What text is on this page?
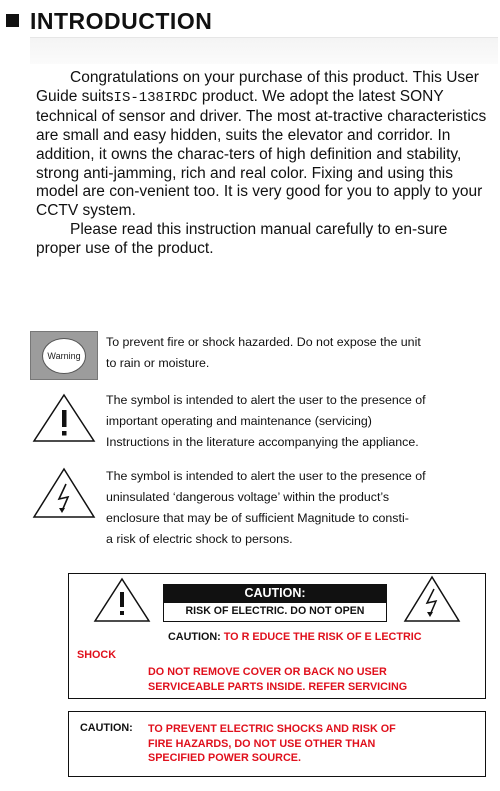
INTRODUCTION

Congratulations on your purchase of this product. This User Guide suitsIS-138IRDC product. We adopt the latest SONY technical of sensor and driver. The most at-tractive characteristics are small and easy hidden, suits the elevator and corridor. In addition, it owns the charac-ters of high definition and stability, strong anti-jamming, rich and real color. Fixing and using this model are con-venient too. It is very good for you to apply to your CCTV system.

Please read this instruction manual carefully to en-sure proper use of the product.

Warning
To prevent fire or shock hazarded. Do not expose the unit
to rain or moisture.
The symbol is intended to alert the user to the presence of
important operating and maintenance (servicing)
Instructions in the literature accompanying the appliance.
The symbol is intended to alert the user to the presence of
uninsulated ‘dangerous voltage’ within the product’s
enclosure that may be of sufficient Magnitude to consti-
a risk of electric shock to persons.
CAUTION:
RISK OF ELECTRIC. DO NOT OPEN
CAUTION: TO R EDUCE THE RISK OF E LECTRIC
SHOCK
DO NOT REMOVE COVER OR BACK NO USER
SERVICEABLE PARTS INSIDE. REFER SERVICING
CAUTION: TO PREVENT ELECTRIC SHOCKS AND RISK OF
FIRE HAZARDS, DO NOT USE OTHER THAN
SPECIFIED POWER SOURCE.
